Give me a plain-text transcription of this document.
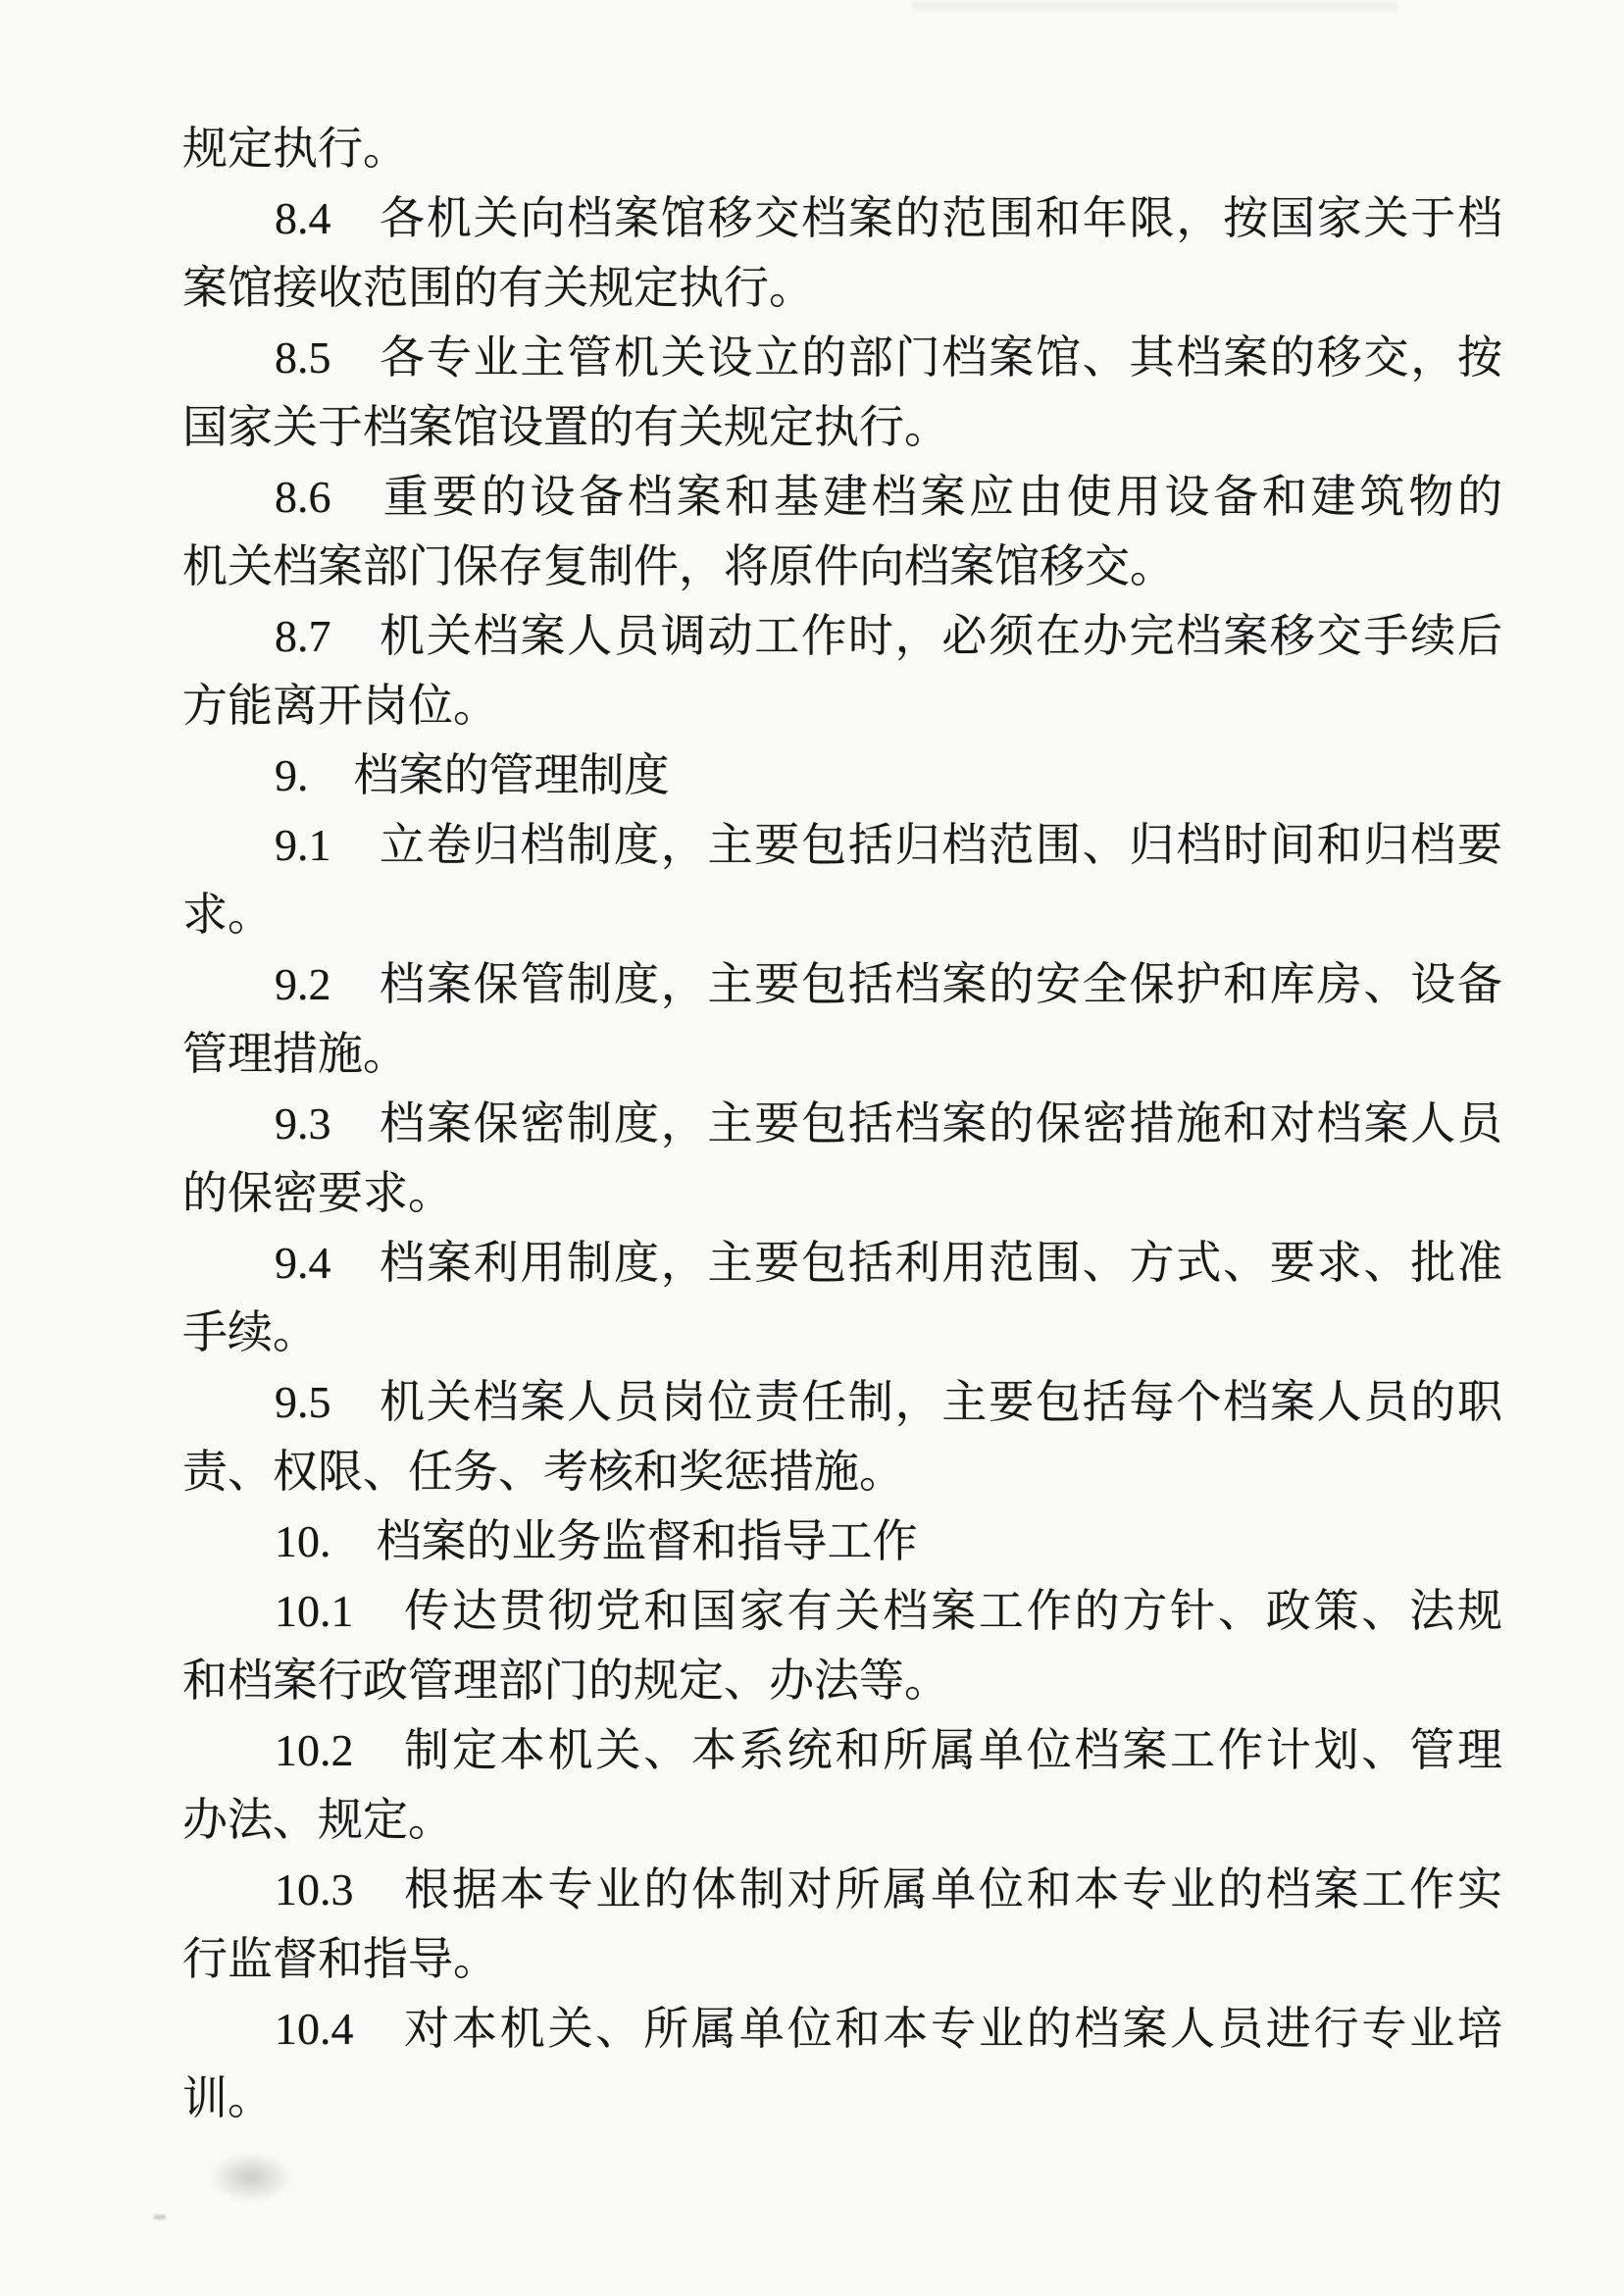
规定执行。
8.4　各机关向档案馆移交档案的范围和年限，按国家关于档
案馆接收范围的有关规定执行。
8.5　各专业主管机关设立的部门档案馆、其档案的移交，按
国家关于档案馆设置的有关规定执行。
8.6　重要的设备档案和基建档案应由使用设备和建筑物的
机关档案部门保存复制件，将原件向档案馆移交。
8.7　机关档案人员调动工作时，必须在办完档案移交手续后
方能离开岗位。
9.　档案的管理制度
9.1　立卷归档制度，主要包括归档范围、归档时间和归档要
求。
9.2　档案保管制度，主要包括档案的安全保护和库房、设备
管理措施。
9.3　档案保密制度，主要包括档案的保密措施和对档案人员
的保密要求。
9.4　档案利用制度，主要包括利用范围、方式、要求、批准
手续。
9.5　机关档案人员岗位责任制，主要包括每个档案人员的职
责、权限、任务、考核和奖惩措施。
10.　档案的业务监督和指导工作
10.1　传达贯彻党和国家有关档案工作的方针、政策、法规
和档案行政管理部门的规定、办法等。
10.2　制定本机关、本系统和所属单位档案工作计划、管理
办法、规定。
10.3　根据本专业的体制对所属单位和本专业的档案工作实
行监督和指导。
10.4　对本机关、所属单位和本专业的档案人员进行专业培
训。
